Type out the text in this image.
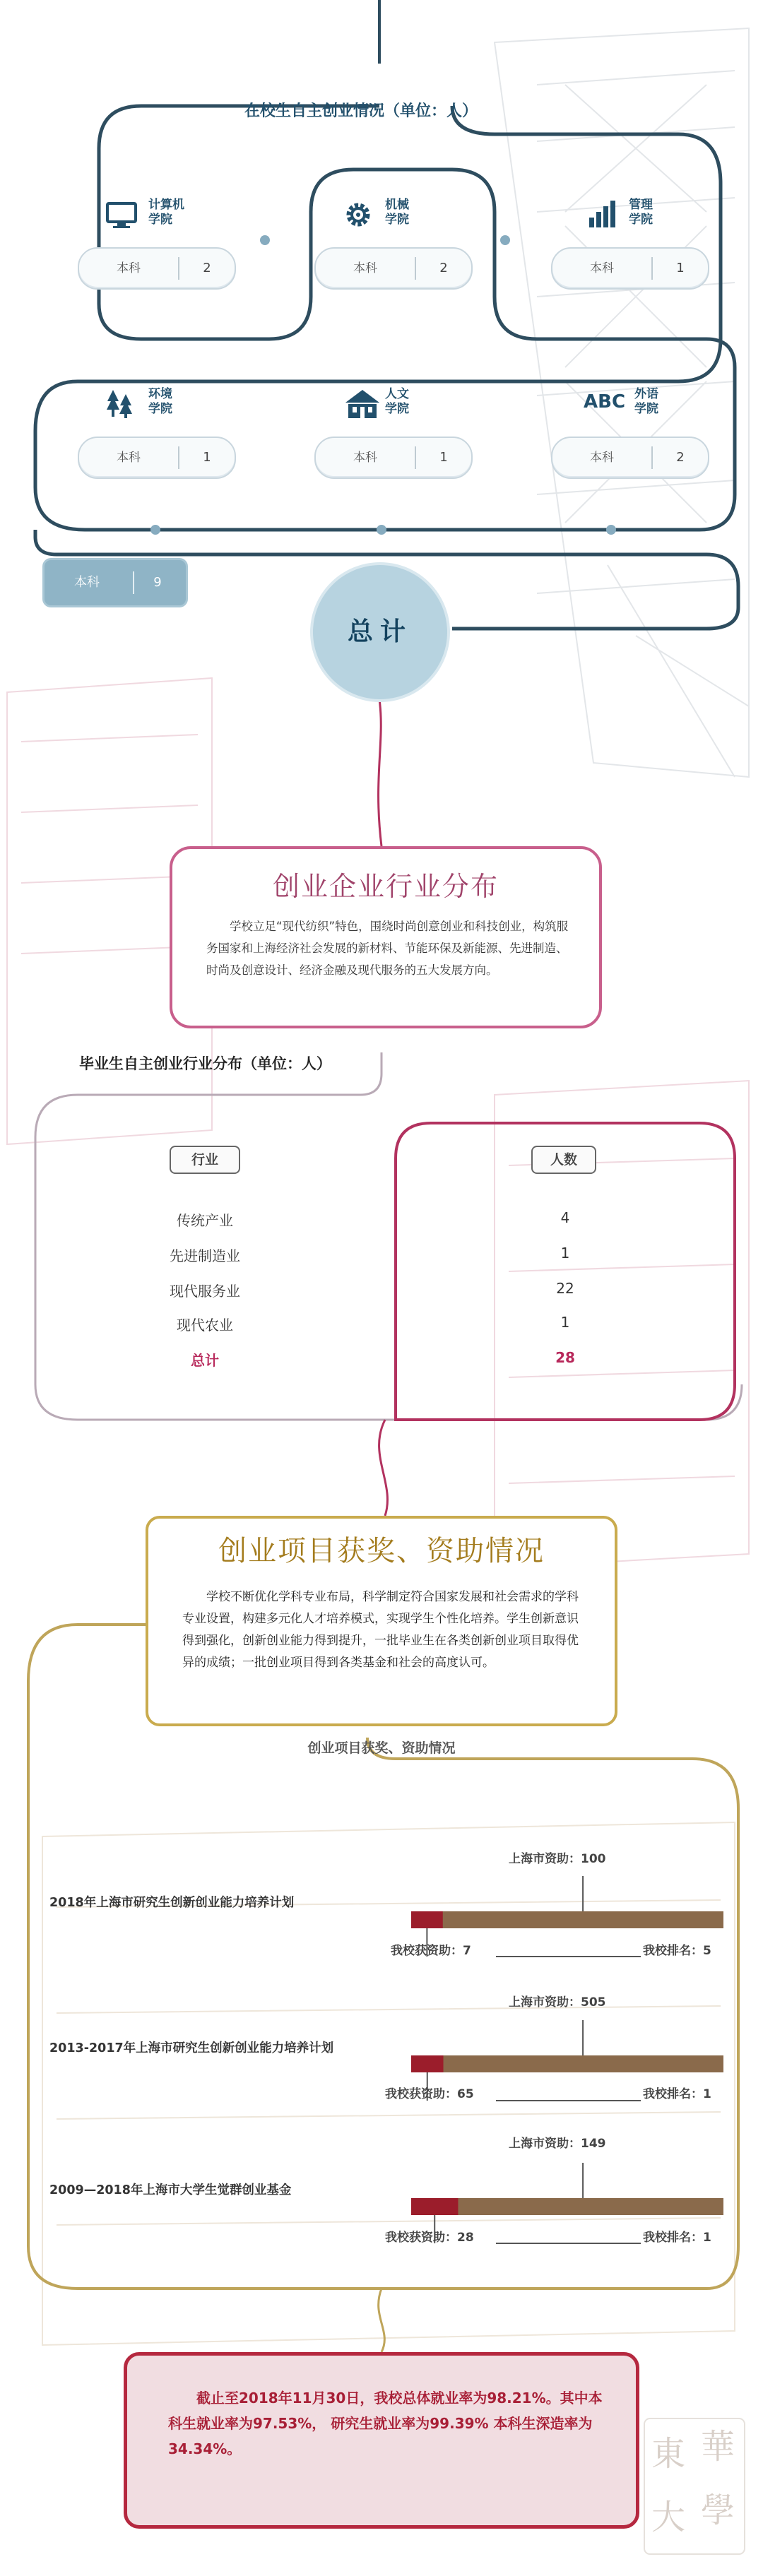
在校生自主创业情况（单位：人）
计算机
学院
本科	2
机械
学院
本科	2
管理
学院
本科	1
环境
学院
本科	1
人文
学院
本科	1
ABC 外语
学院
本科	2
本科	9
总计
创业企业行业分布
学校立足“现代纺织”特色，围绕时尚创意创业和科技创业，构筑服务国家和上海经济社会发展的新材料、节能环保及新能源、先进制造、时尚及创意设计、经济金融及现代服务的五大发展方向。
毕业生自主创业行业分布（单位：人）
行业	人数
传统产业	4
先进制造业	1
现代服务业	22
现代农业	1
总计	28
创业项目获奖、资助情况
学校不断优化学科专业布局，科学制定符合国家发展和社会需求的学科专业设置，构建多元化人才培养模式，实现学生个性化培养。学生创新意识得到强化，创新创业能力得到提升，一批毕业生在各类创新创业项目取得优异的成绩；一批创业项目得到各类基金和社会的高度认可。
创业项目获奖、资助情况
2018年上海市研究生创新创业能力培养计划
2013-2017年上海市研究生创新创业能力培养计划
2009—2018年上海市大学生觉群创业基金
上海市资助：100
我校获资助：7	我校排名：5
上海市资助：505
我校获资助：65	我校排名：1
上海市资助：149
我校获资助：28	我校排名：1
截止至2018年11月30日，我校总体就业率为98.21%。其中本科生就业率为97.53%， 研究生就业率为99.39% 本科生深造率为34.34%。	東 華
大 學
